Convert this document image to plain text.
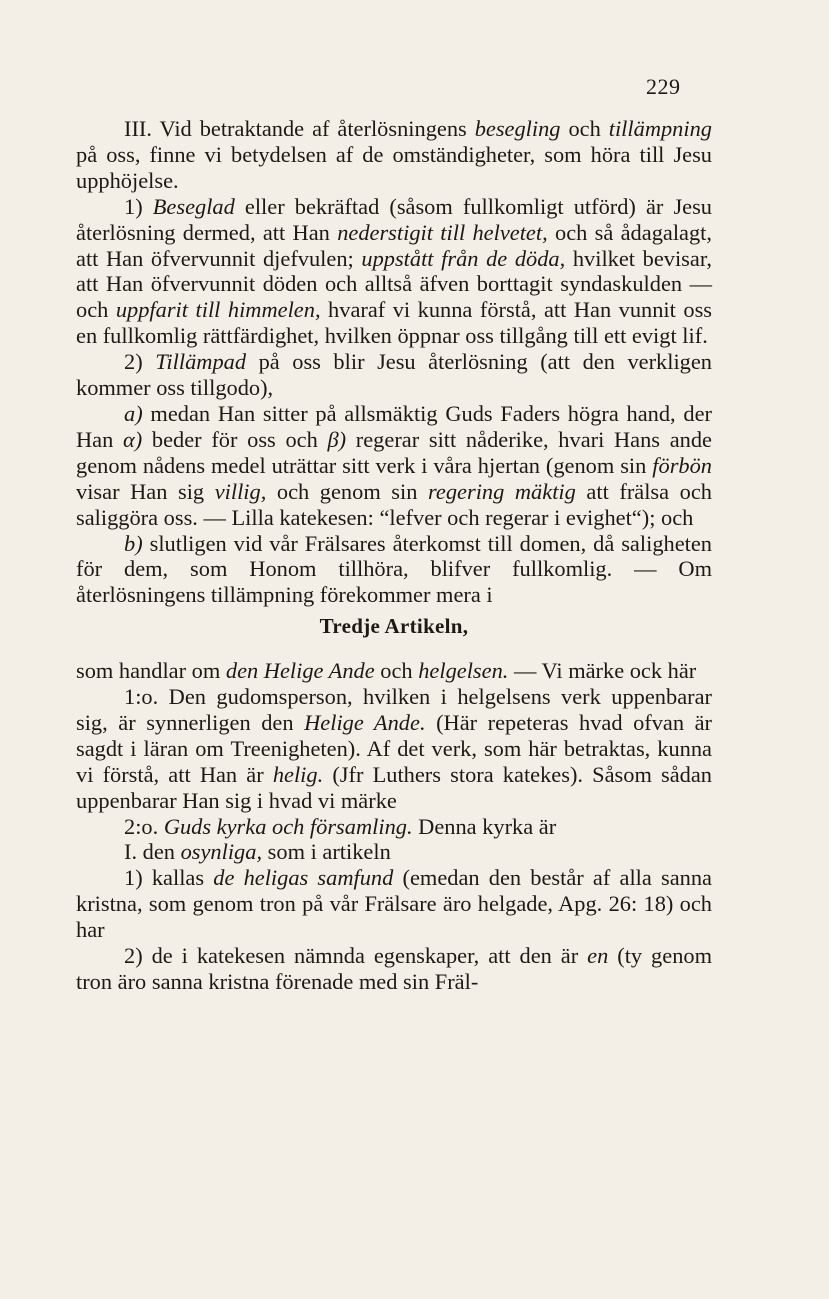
229

III. Vid betraktande af återlösningens besegling och tillämpning på oss, finne vi betydelsen af de omständigheter, som höra till Jesu upphöjelse.

1) Beseglad eller bekräftad (såsom fullkomligt utförd) är Jesu återlösning dermed, att Han nederstigit till helvetet, och så ådagalagt, att Han öfvervunnit djefvulen; uppstått från de döda, hvilket bevisar, att Han öfvervunnit döden och alltså äfven borttagit syndaskulden — och uppfarit till himmelen, hvaraf vi kunna förstå, att Han vunnit oss en fullkomlig rättfärdighet, hvilken öppnar oss tillgång till ett evigt lif.

2) Tillämpad på oss blir Jesu återlösning (att den verkligen kommer oss tillgodo),

a) medan Han sitter på allsmäktig Guds Faders högra hand, der Han α) beder för oss och β) regerar sitt nåderike, hvari Hans ande genom nådens medel uträttar sitt verk i våra hjertan (genom sin förbön visar Han sig villig, och genom sin regering mäktig att frälsa och saliggöra oss. — Lilla katekesen: “lefver och regerar i evighet“); och

b) slutligen vid vår Frälsares återkomst till domen, då saligheten för dem, som Honom tillhöra, blifver fullkomlig. — Om återlösningens tillämpning förekommer mera i

Tredje Artikeln,

som handlar om den Helige Ande och helgelsen. — Vi märke ock här

1:o. Den gudomsperson, hvilken i helgelsens verk uppenbarar sig, är synnerligen den Helige Ande. (Här repeteras hvad ofvan är sagdt i läran om Treenigheten). Af det verk, som här betraktas, kunna vi förstå, att Han är helig. (Jfr Luthers stora katekes). Såsom sådan uppenbarar Han sig i hvad vi märke

2:o. Guds kyrka och församling. Denna kyrka är

I. den osynliga, som i artikeln

1) kallas de heligas samfund (emedan den består af alla sanna kristna, som genom tron på vår Frälsare äro helgade, Apg. 26: 18) och har

2) de i katekesen nämnda egenskaper, att den är en (ty genom tron äro sanna kristna förenade med sin Fräl-
